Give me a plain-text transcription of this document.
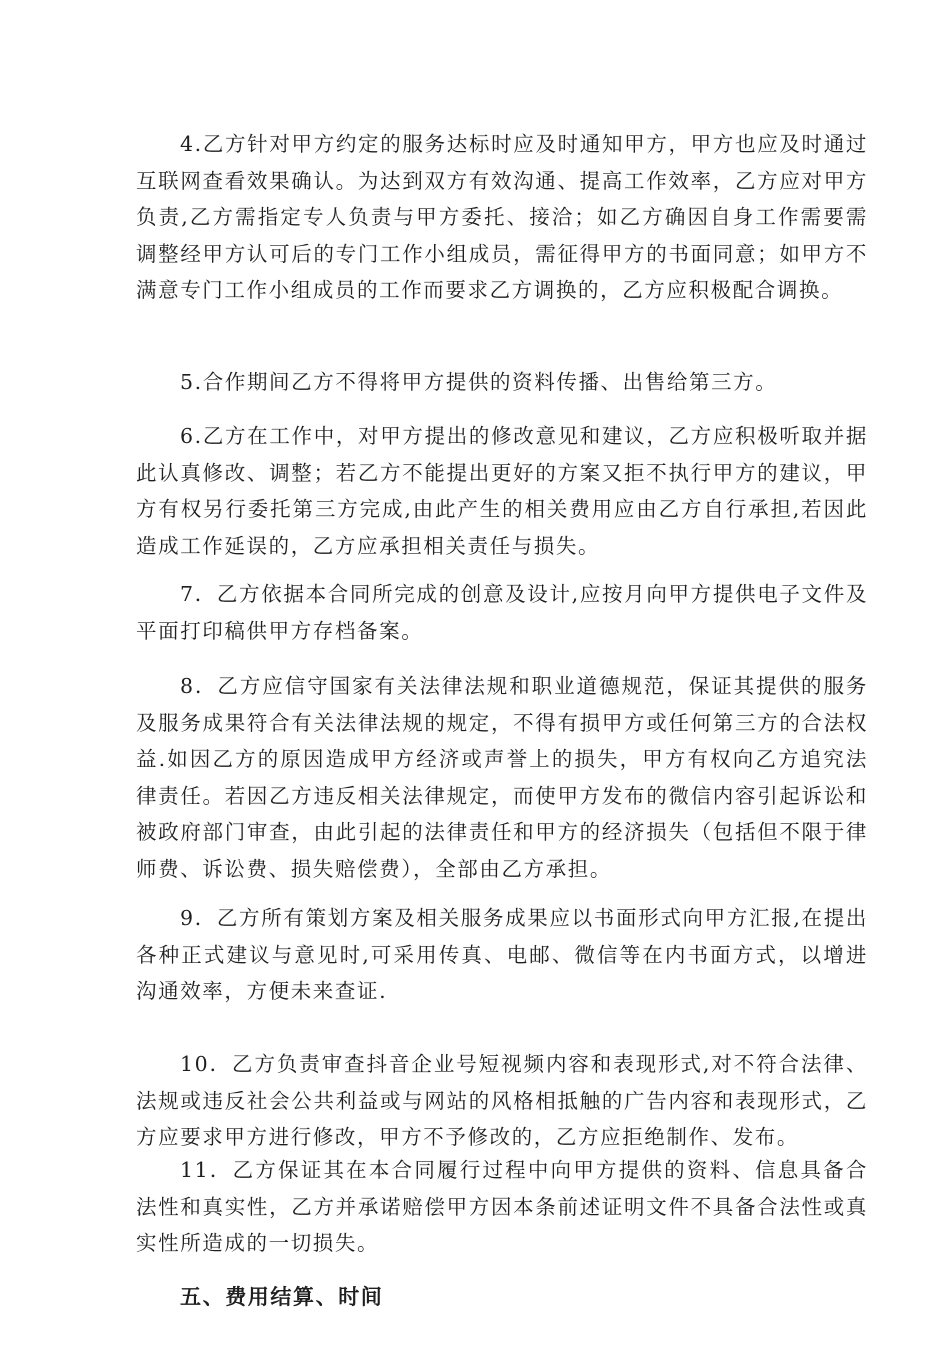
4.乙方针对甲方约定的服务达标时应及时通知甲方，甲方也应及时通过互联网查看效果确认。为达到双方有效沟通、提高工作效率，乙方应对甲方负责,乙方需指定专人负责与甲方委托、接洽；如乙方确因自身工作需要需调整经甲方认可后的专门工作小组成员，需征得甲方的书面同意；如甲方不满意专门工作小组成员的工作而要求乙方调换的，乙方应积极配合调换。

5.合作期间乙方不得将甲方提供的资料传播、出售给第三方。

6.乙方在工作中，对甲方提出的修改意见和建议，乙方应积极听取并据此认真修改、调整；若乙方不能提出更好的方案又拒不执行甲方的建议，甲方有权另行委托第三方完成,由此产生的相关费用应由乙方自行承担,若因此造成工作延误的，乙方应承担相关责任与损失。

7．乙方依据本合同所完成的创意及设计,应按月向甲方提供电子文件及平面打印稿供甲方存档备案。

8．乙方应信守国家有关法律法规和职业道德规范，保证其提供的服务及服务成果符合有关法律法规的规定，不得有损甲方或任何第三方的合法权益.如因乙方的原因造成甲方经济或声誉上的损失，甲方有权向乙方追究法律责任。若因乙方违反相关法律规定，而使甲方发布的微信内容引起诉讼和被政府部门审查，由此引起的法律责任和甲方的经济损失（包括但不限于律师费、诉讼费、损失赔偿费），全部由乙方承担。

9．乙方所有策划方案及相关服务成果应以书面形式向甲方汇报,在提出各种正式建议与意见时,可采用传真、电邮、微信等在内书面方式，以增进沟通效率，方便未来查证.

10．乙方负责审查抖音企业号短视频内容和表现形式,对不符合法律、法规或违反社会公共利益或与网站的风格相抵触的广告内容和表现形式，乙方应要求甲方进行修改，甲方不予修改的，乙方应拒绝制作、发布。

11．乙方保证其在本合同履行过程中向甲方提供的资料、信息具备合法性和真实性，乙方并承诺赔偿甲方因本条前述证明文件不具备合法性或真实性所造成的一切损失。

五、费用结算、时间
